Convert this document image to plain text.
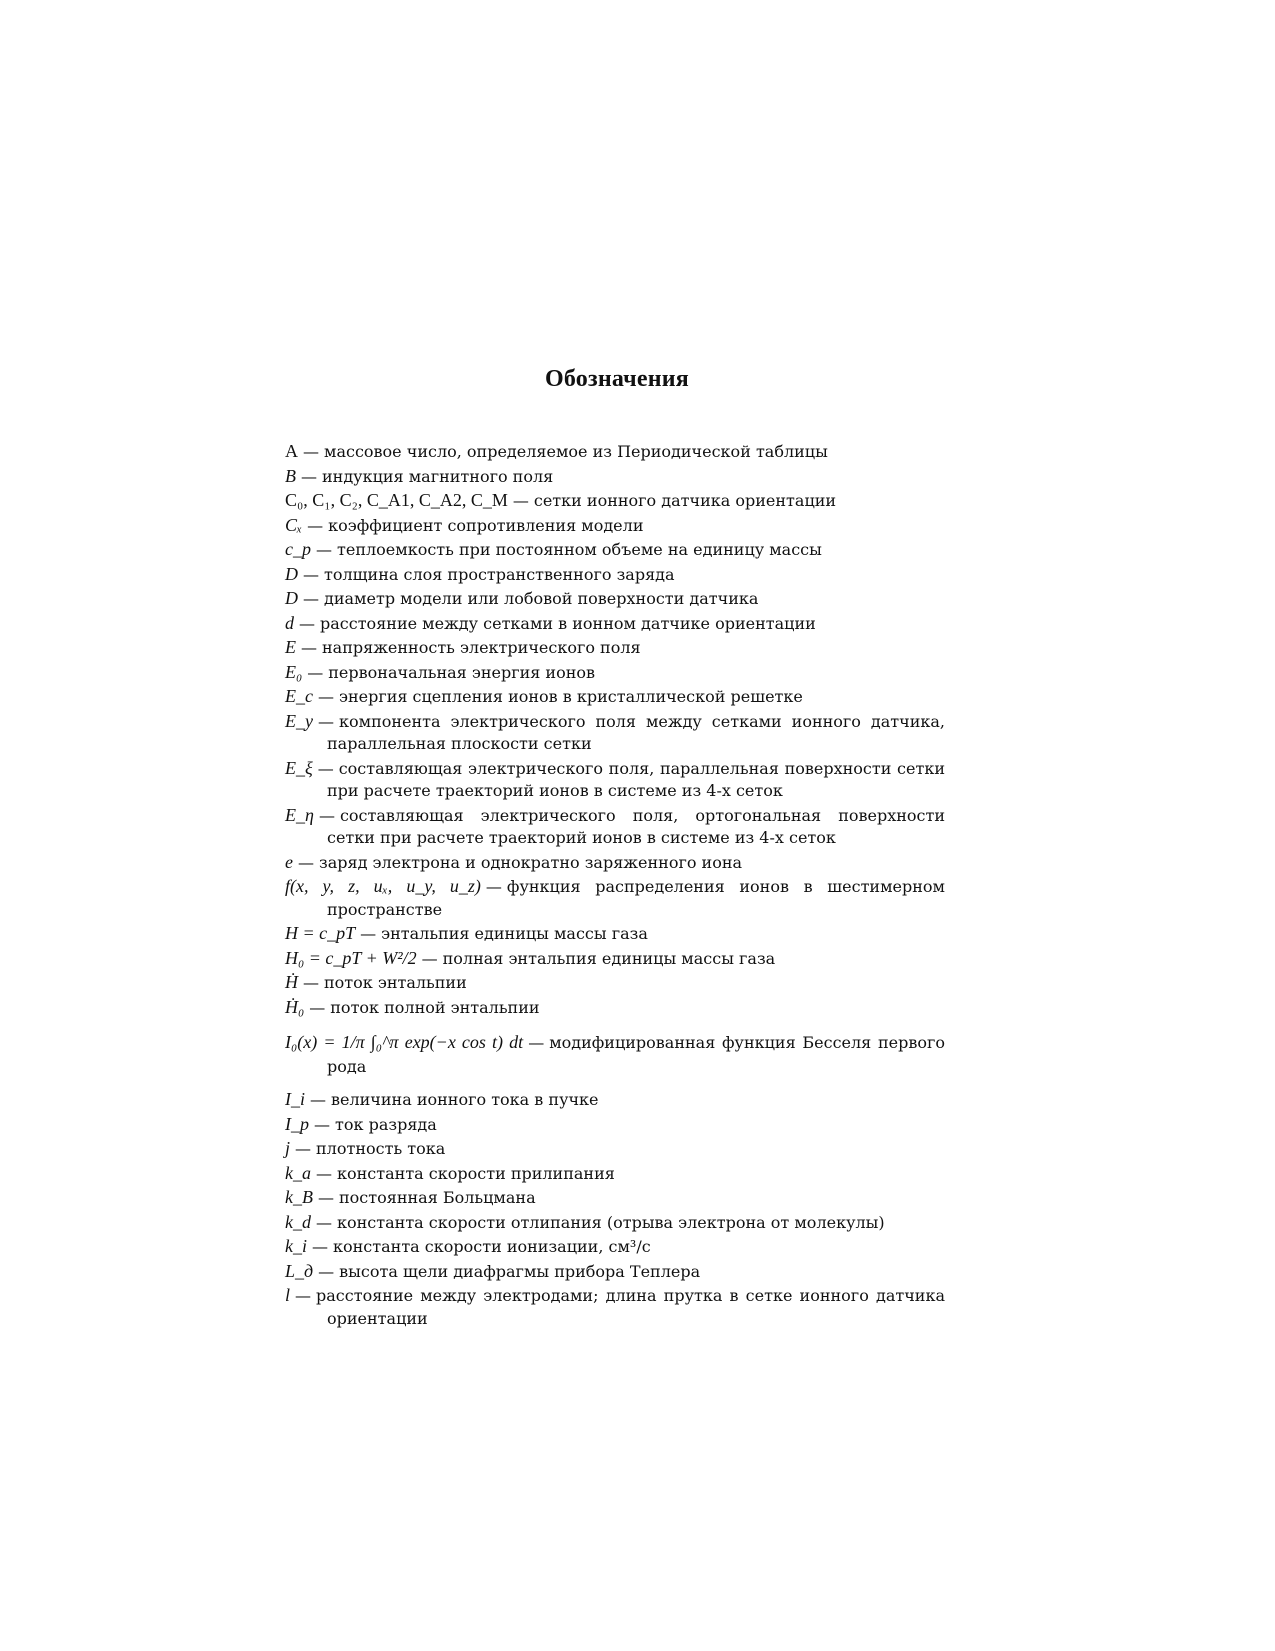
Обозначения
A — массовое число, определяемое из Периодической таблицы
B — индукция магнитного поля
C₀, C₁, C₂, C_A1, C_A2, C_M — сетки ионного датчика ориентации
Cₓ — коэффициент сопротивления модели
c_p — теплоемкость при постоянном объеме на единицу массы
D — толщина слоя пространственного заряда
D — диаметр модели или лобовой поверхности датчика
d — расстояние между сетками в ионном датчике ориентации
E — напряженность электрического поля
E₀ — первоначальная энергия ионов
E_c — энергия сцепления ионов в кристаллической решетке
E_y — компонента электрического поля между сетками ионного датчика, параллельная плоскости сетки
E_ξ — составляющая электрического поля, параллельная поверхности сетки при расчете траекторий ионов в системе из 4-х сеток
E_η — составляющая электрического поля, ортогональная поверхности сетки при расчете траекторий ионов в системе из 4-х сеток
e — заряд электрона и однократно заряженного иона
f(x, y, z, uₓ, u_y, u_z) — функция распределения ионов в шестимерном пространстве
H = c_pT — энтальпия единицы массы газа
H₀ = c_pT + W²/2 — полная энтальпия единицы массы газа
Ḣ — поток энтальпии
Ḣ₀ — поток полной энтальпии
I₀(x) = 1/π ∫₀^π exp(−x cos t) dt — модифицированная функция Бесселя первого рода
I_i — величина ионного тока в пучке
I_p — ток разряда
j — плотность тока
k_a — константа скорости прилипания
k_B — постоянная Больцмана
k_d — константа скорости отлипания (отрыва электрона от молекулы)
k_i — константа скорости ионизации, см³/с
L_д — высота щели диафрагмы прибора Теплера
l — расстояние между электродами; длина прутка в сетке ионного датчика ориентации
